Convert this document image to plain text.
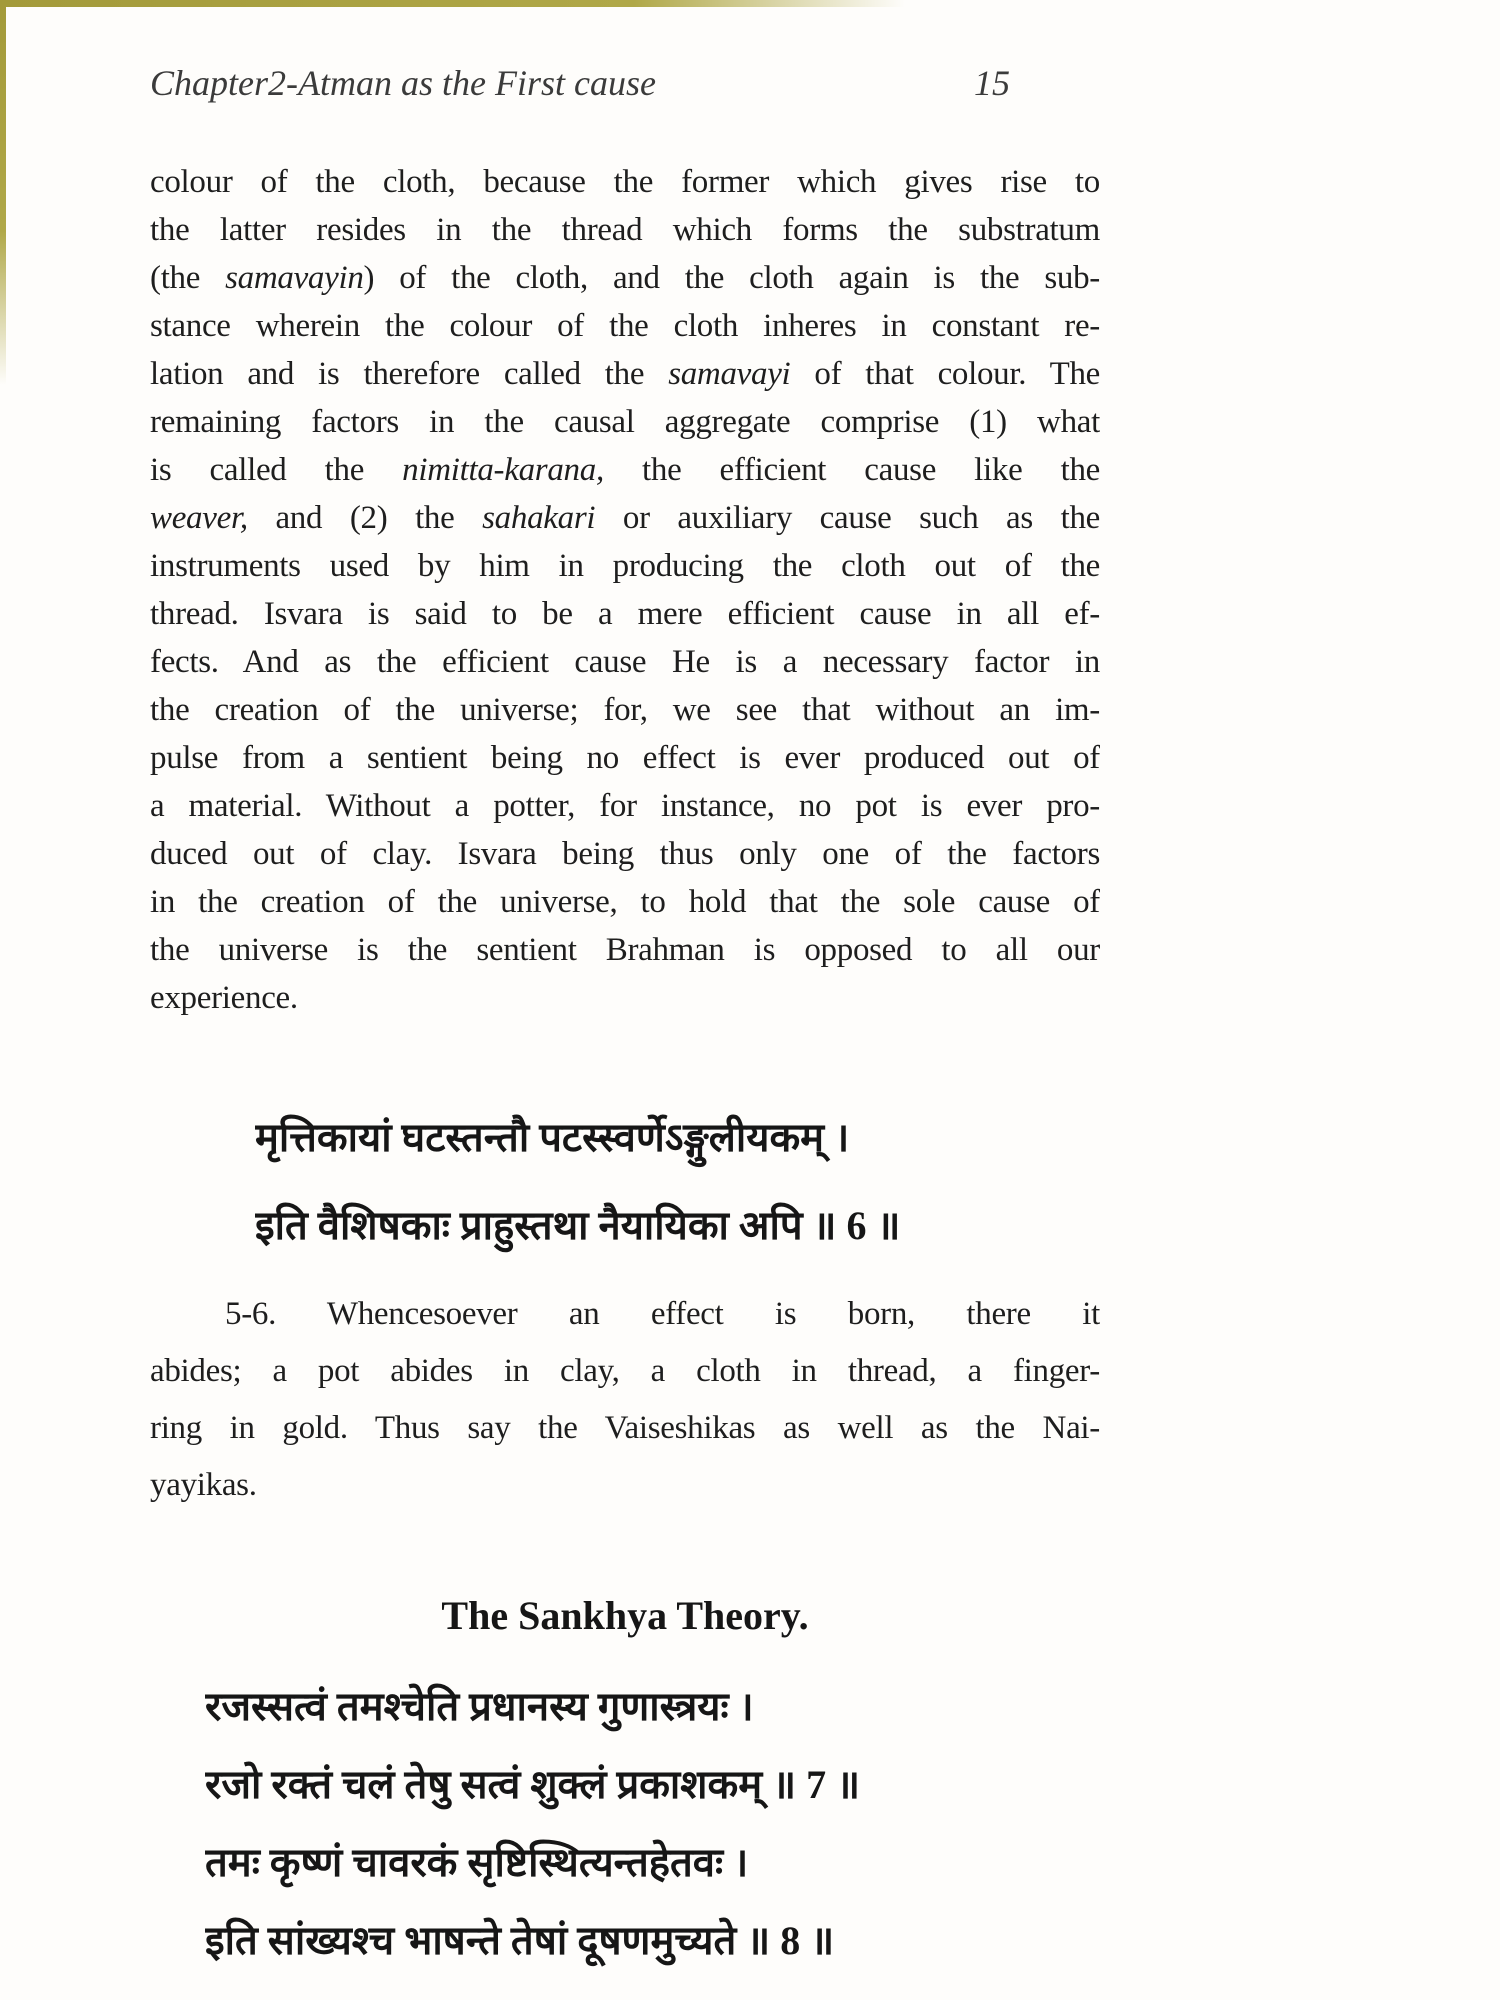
Chapter2-Atman as the First cause	15
colour of the cloth, because the former which gives rise to
the latter resides in the thread which forms the substratum
(the samavayin) of the cloth, and the cloth again is the sub-
stance wherein the colour of the cloth inheres in constant re-
lation and is therefore called the samavayi of that colour. The
remaining factors in the causal aggregate comprise (1) what
is called the nimitta-karana, the efficient cause like the
weaver, and (2) the sahakari or auxiliary cause such as the
instruments used by him in producing the cloth out of the
thread. Isvara is said to be a mere efficient cause in all ef-
fects. And as the efficient cause He is a necessary factor in
the creation of the universe; for, we see that without an im-
pulse from a sentient being no effect is ever produced out of
a material. Without a potter, for instance, no pot is ever pro-
duced out of clay. Isvara being thus only one of the factors
in the creation of the universe, to hold that the sole cause of
the universe is the sentient Brahman is opposed to all our
experience.
मृत्तिकायां घटस्तन्तौ पटस्स्वर्णेऽङ्गुलीयकम् ।
इति वैशिषकाः प्राहुस्तथा नैयायिका अपि ॥ 6 ॥
5-6. Whencesoever an effect is born, there it
abides; a pot abides in clay, a cloth in thread, a finger-
ring in gold. Thus say the Vaiseshikas as well as the Nai-
yayikas.
The Sankhya Theory.
रजस्सत्वं तमश्चेति प्रधानस्य गुणास्त्रयः ।
रजो रक्तं चलं तेषु सत्वं शुक्लं प्रकाशकम् ॥ 7 ॥
तमः कृष्णं चावरकं सृष्टिस्थित्यन्तहेतवः ।
इति सांख्यश्च भाषन्ते तेषां दूषणमुच्यते ॥ 8 ॥
